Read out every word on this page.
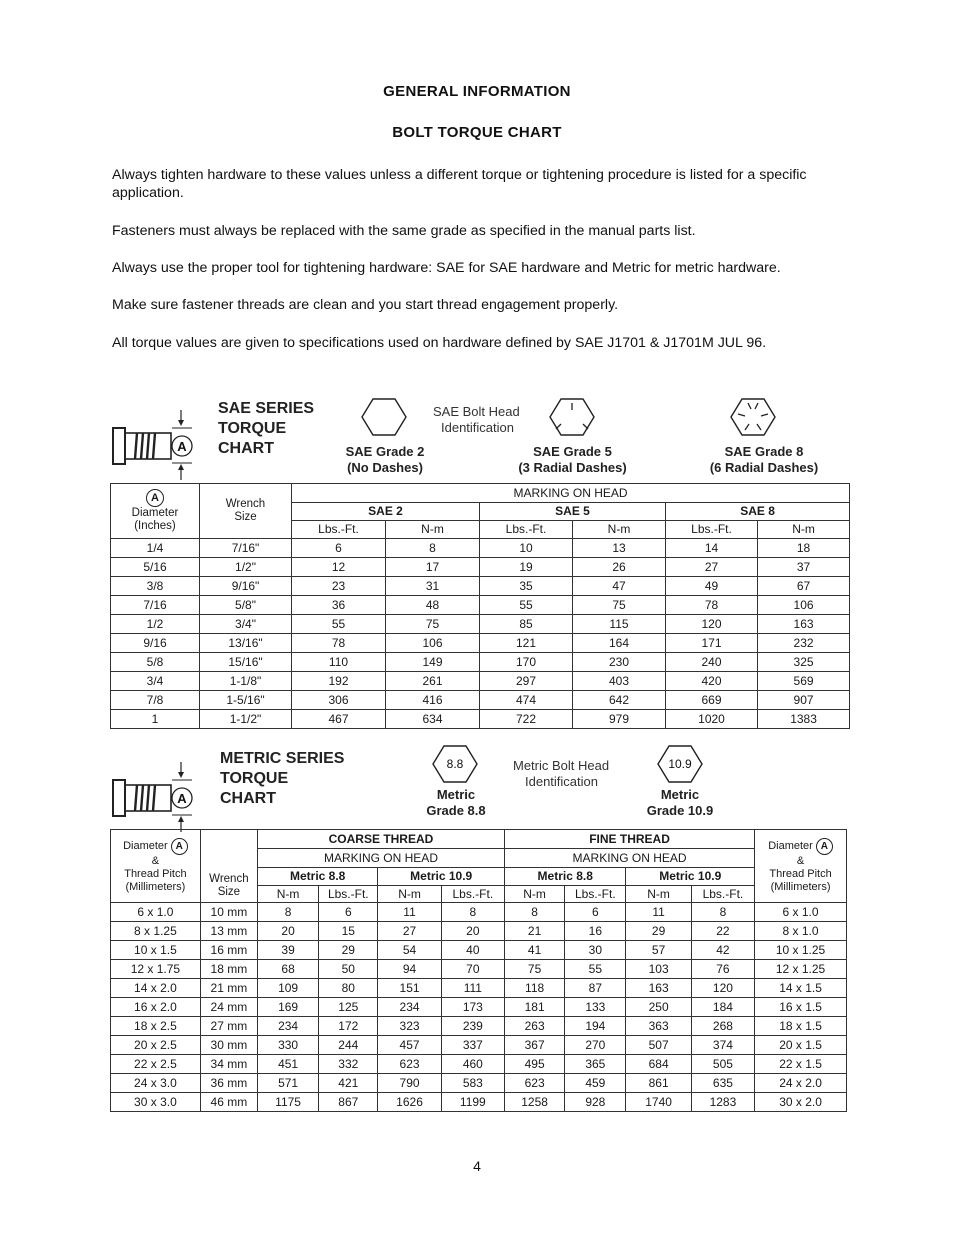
GENERAL INFORMATION
BOLT TORQUE CHART
Always tighten hardware to these values unless a different torque or tightening procedure is listed for a specific application.
Fasteners must always be replaced with the same grade as specified in the manual parts list.
Always use the proper tool for tightening hardware: SAE for SAE hardware and Metric for metric hardware.
Make sure fastener threads are clean and you start thread engagement properly.
All torque values are given to specifications used on hardware defined by SAE J1701 & J1701M JUL 96.
A
SAE SERIES
TORQUE
CHART
SAE Bolt Head
Identification
SAE Grade 2
(No Dashes)
SAE Grade 5
(3 Radial Dashes)
SAE Grade 8
(6 Radial Dashes)
A
Diameter
(Inches)	Wrench
Size	MARKING ON HEAD					
		SAE 2		SAE 5		SAE 8	
		Lbs.-Ft.	N-m	Lbs.-Ft.	N-m	Lbs.-Ft.	N-m
1/4	7/16"	6	8	10	13	14	18
5/16	1/2"	12	17	19	26	27	37
3/8	9/16"	23	31	35	47	49	67
7/16	5/8"	36	48	55	75	78	106
1/2	3/4"	55	75	85	115	120	163
9/16	13/16"	78	106	121	164	171	232
5/8	15/16"	110	149	170	230	240	325
3/4	1-1/8"	192	261	297	403	420	569
7/8	1-5/16"	306	416	474	642	669	907
1	1-1/2"	467	634	722	979	1020	1383
A
METRIC SERIES
TORQUE
CHART
8.8
Metric
Grade 8.8
Metric Bolt Head
Identification
10.9
Metric
Grade 10.9
Diameter A
&
Thread Pitch
(Millimeters)	Wrench
Size	COARSE THREAD				FINE THREAD				Diameter A
&
Thread Pitch
(Millimeters)
		MARKING ON HEAD				MARKING ON HEAD				
		Metric 8.8		Metric 10.9		Metric 8.8		Metric 10.9		
		N-m	Lbs.-Ft.	N-m	Lbs.-Ft.	N-m	Lbs.-Ft.	N-m	Lbs.-Ft.	
6 x 1.0	10 mm	8	6	11	8	8	6	11	8	6 x 1.0
8 x 1.25	13 mm	20	15	27	20	21	16	29	22	8 x 1.0
10 x 1.5	16 mm	39	29	54	40	41	30	57	42	10 x 1.25
12 x 1.75	18 mm	68	50	94	70	75	55	103	76	12 x 1.25
14 x 2.0	21 mm	109	80	151	111	118	87	163	120	14 x 1.5
16 x 2.0	24 mm	169	125	234	173	181	133	250	184	16 x 1.5
18 x 2.5	27 mm	234	172	323	239	263	194	363	268	18 x 1.5
20 x 2.5	30 mm	330	244	457	337	367	270	507	374	20 x 1.5
22 x 2.5	34 mm	451	332	623	460	495	365	684	505	22 x 1.5
24 x 3.0	36 mm	571	421	790	583	623	459	861	635	24 x 2.0
30 x 3.0	46 mm	1175	867	1626	1199	1258	928	1740	1283	30 x 2.0
4
